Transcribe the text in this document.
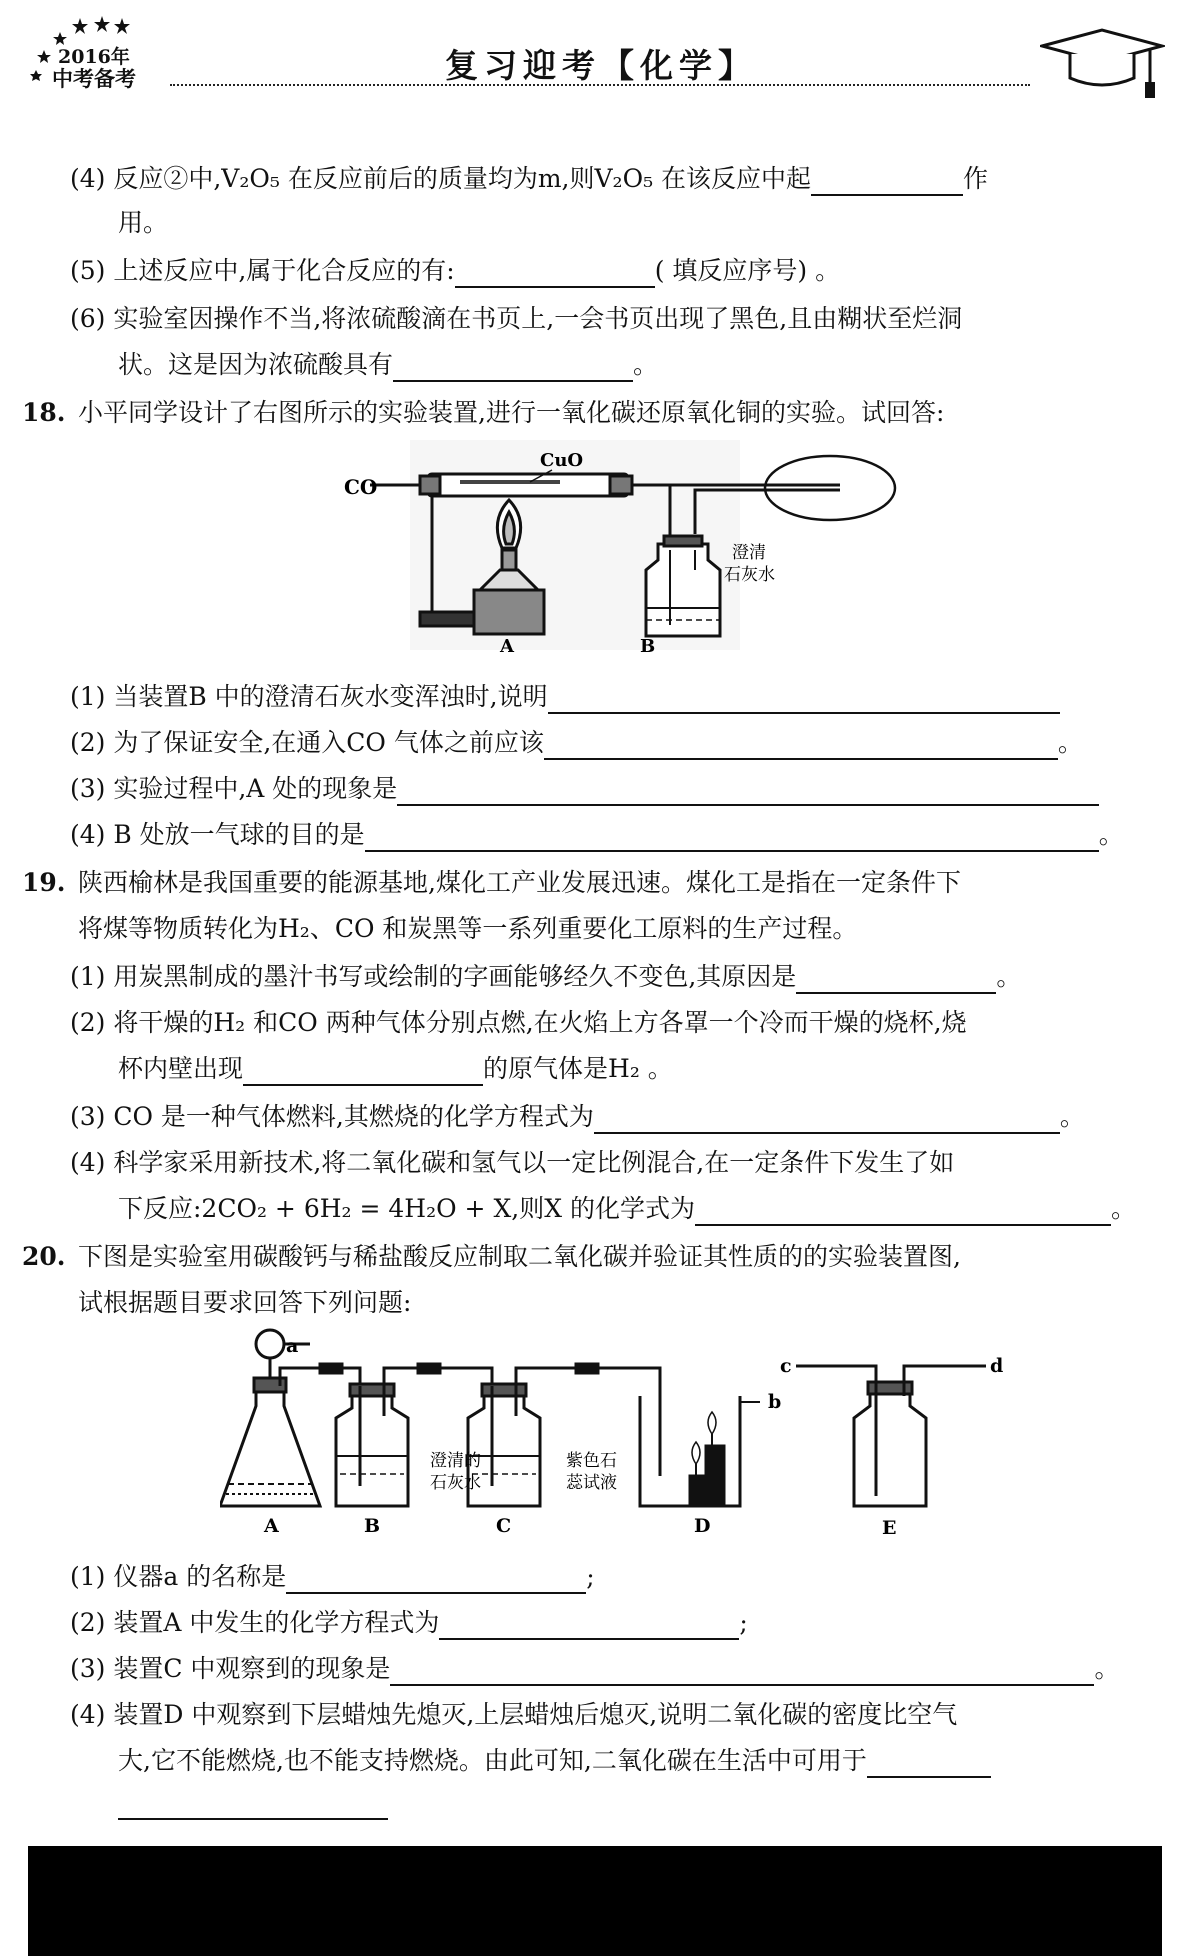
2016年
中考备考	复习迎考【化学】
(4) 反应②中,V₂O₅ 在反应前后的质量均为m,则V₂O₅ 在该反应中起	作
用。
(5) 上述反应中,属于化合反应的有:	( 填反应序号) 。
(6) 实验室因操作不当,将浓硫酸滴在书页上,一会书页出现了黑色,且由糊状至烂洞
状。这是因为浓硫酸具有	。
18. 小平同学设计了右图所示的实验装置,进行一氧化碳还原氧化铜的实验。试回答:
CO
CuO
澄清
石灰水
A	B
(1) 当装置B 中的澄清石灰水变浑浊时,说明
(2) 为了保证安全,在通入CO 气体之前应该	。
(3) 实验过程中,A 处的现象是
(4) B 处放一气球的目的是	。
19. 陕西榆林是我国重要的能源基地,煤化工产业发展迅速。煤化工是指在一定条件下
将煤等物质转化为H₂、CO 和炭黑等一系列重要化工原料的生产过程。
(1) 用炭黑制成的墨汁书写或绘制的字画能够经久不变色,其原因是	。
(2) 将干燥的H₂ 和CO 两种气体分别点燃,在火焰上方各罩一个冷而干燥的烧杯,烧
杯内壁出现	的原气体是H₂ 。
(3) CO 是一种气体燃料,其燃烧的化学方程式为	。
(4) 科学家采用新技术,将二氧化碳和氢气以一定比例混合,在一定条件下发生了如
下反应:2CO₂ + 6H₂ = 4H₂O + X,则X 的化学式为	。
20. 下图是实验室用碳酸钙与稀盐酸反应制取二氧化碳并验证其性质的的实验装置图,
试根据题目要求回答下列问题:
a
b
c	d
澄清的
石灰水
紫色石
蕊试液
A	B	C	D	E
(1) 仪器a 的名称是	;
(2) 装置A 中发生的化学方程式为	;
(3) 装置C 中观察到的现象是	。
(4) 装置D 中观察到下层蜡烛先熄灭,上层蜡烛后熄灭,说明二氧化碳的密度比空气
大,它不能燃烧,也不能支持燃烧。由此可知,二氧化碳在生活中可用于
